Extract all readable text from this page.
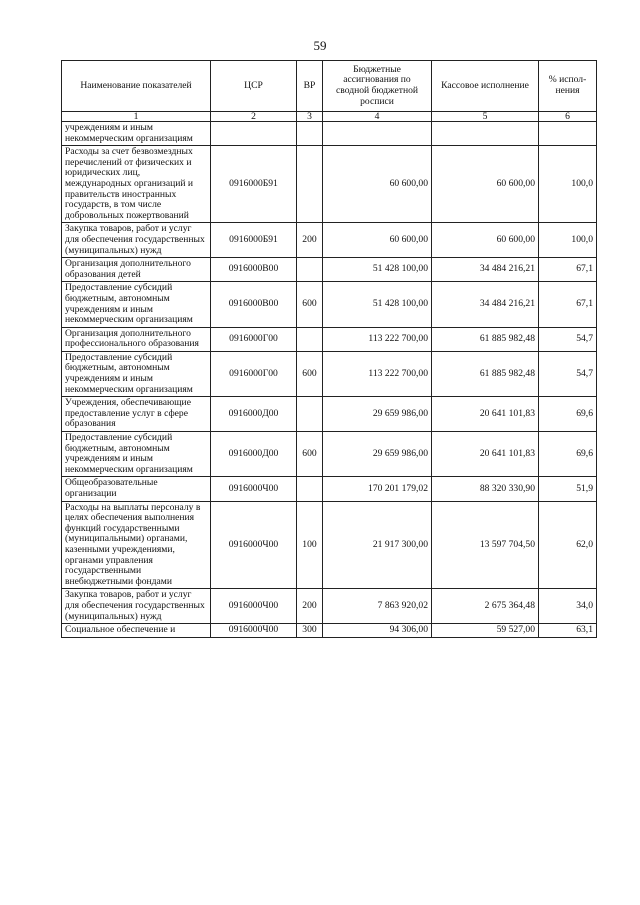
59
Наименование показателей	ЦСР	ВР	Бюджетные ассигнования по сводной бюджетной росписи	Кассовое исполнение	% испол-нения
1	2	3	4	5	6
учреждениям и иным некоммерческим организациям					
Расходы за счет безвозмездных перечислений от физических и юридических лиц, международных организаций и правительств иностранных государств, в том числе добровольных пожертвований	0916000Б91		60 600,00	60 600,00	100,0
Закупка товаров, работ и услуг для обеспечения государственных (муниципальных) нужд	0916000Б91	200	60 600,00	60 600,00	100,0
Организация дополнительного образования детей	0916000В00		51 428 100,00	34 484 216,21	67,1
Предоставление субсидий бюджетным, автономным учреждениям и иным некоммерческим организациям	0916000В00	600	51 428 100,00	34 484 216,21	67,1
Организация дополнительного профессионального образования	0916000Г00		113 222 700,00	61 885 982,48	54,7
Предоставление субсидий бюджетным, автономным учреждениям и иным некоммерческим организациям	0916000Г00	600	113 222 700,00	61 885 982,48	54,7
Учреждения, обеспечивающие предоставление услуг в сфере образования	0916000Д00		29 659 986,00	20 641 101,83	69,6
Предоставление субсидий бюджетным, автономным учреждениям и иным некоммерческим организациям	0916000Д00	600	29 659 986,00	20 641 101,83	69,6
Общеобразовательные организации	0916000Ч00		170 201 179,02	88 320 330,90	51,9
Расходы на выплаты персоналу в целях обеспечения выполнения функций государственными (муниципальными) органами, казенными учреждениями, органами управления государственными внебюджетными фондами	0916000Ч00	100	21 917 300,00	13 597 704,50	62,0
Закупка товаров, работ и услуг для обеспечения государственных (муниципальных) нужд	0916000Ч00	200	7 863 920,02	2 675 364,48	34,0
Социальное обеспечение и	0916000Ч00	300	94 306,00	59 527,00	63,1
